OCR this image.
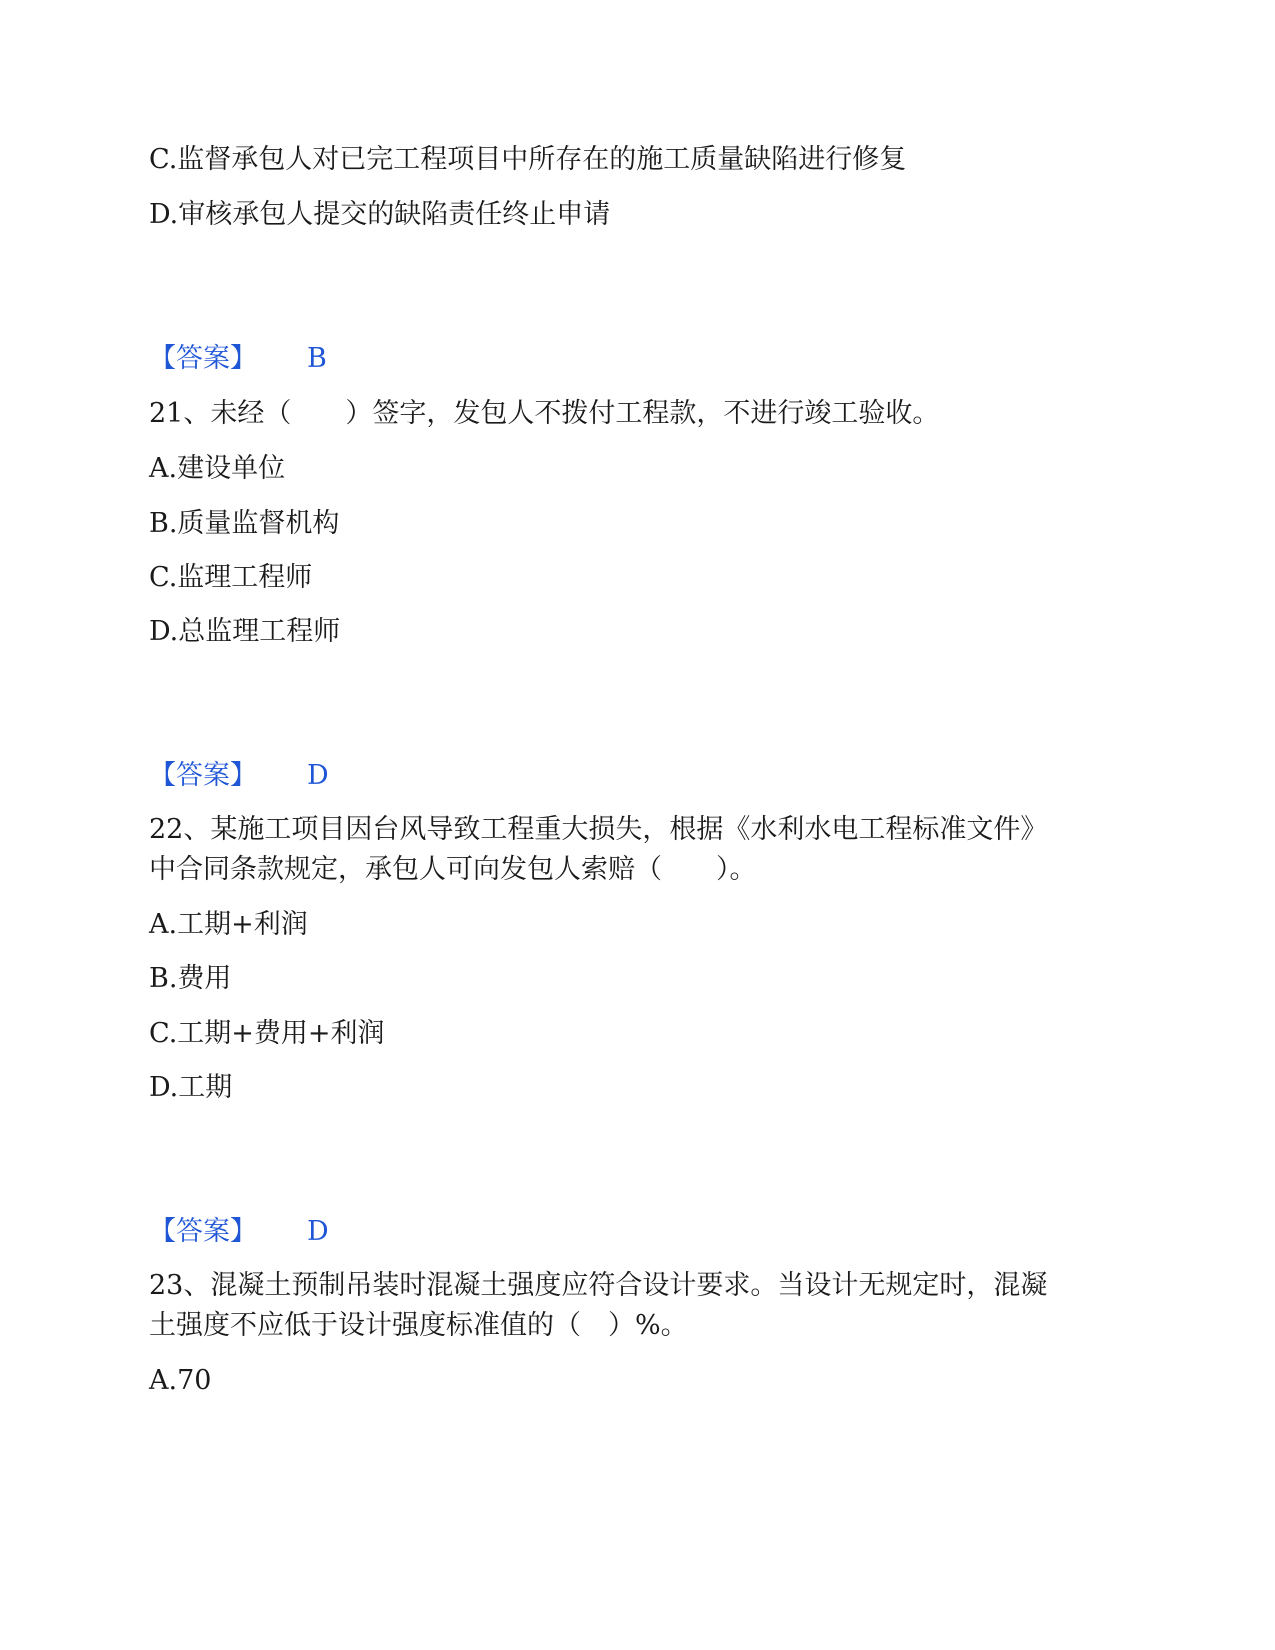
C.监督承包人对已完工程项目中所存在的施工质量缺陷进行修复
D.审核承包人提交的缺陷责任终止申请
【答案】 B
21、未经（　　）签字，发包人不拨付工程款，不进行竣工验收。
A.建设单位
B.质量监督机构
C.监理工程师
D.总监理工程师
【答案】 D
22、某施工项目因台风导致工程重大损失，根据《水利水电工程标准文件》
中合同条款规定，承包人可向发包人索赔（　　）。
A.工期+利润
B.费用
C.工期+费用+利润
D.工期
【答案】 D
23、混凝土预制吊装时混凝土强度应符合设计要求。当设计无规定时，混凝
土强度不应低于设计强度标准值的（　）%。
A.70
